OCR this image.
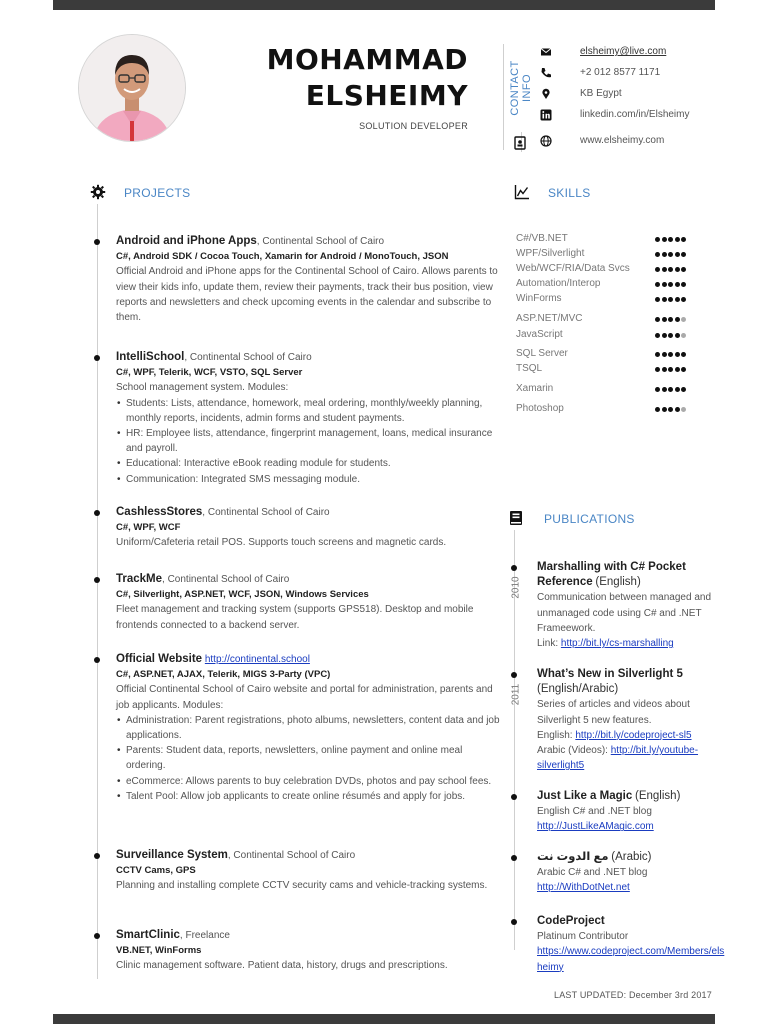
MOHAMMAD
ELSHEIMY
SOLUTION DEVELOPER
CONTACT INFO
elsheimy@live.com
+2 012 8577 1171
KB Egypt
linkedin.com/in/Elsheimy
www.elsheimy.com
PROJECTS
Android and iPhone Apps, Continental School of Cairo
C#, Android SDK / Cocoa Touch, Xamarin for Android / MonoTouch, JSON
Official Android and iPhone apps for the Continental School of Cairo. Allows parents to view their kids info, update them, review their payments, track their bus position, view reports and newsletters and check upcoming events in the calendar and subscribe to them.
IntelliSchool, Continental School of Cairo
C#, WPF, Telerik, WCF, VSTO, SQL Server
School management system. Modules:
• Students: Lists, attendance, homework, meal ordering, monthly/weekly planning, monthly reports, incidents, admin forms and student payments.
• HR: Employee lists, attendance, fingerprint management, loans, medical insurance and payroll.
• Educational: Interactive eBook reading module for students.
• Communication: Integrated SMS messaging module.
CashlessStores, Continental School of Cairo
C#, WPF, WCF
Uniform/Cafeteria retail POS. Supports touch screens and magnetic cards.
TrackMe, Continental School of Cairo
C#, Silverlight, ASP.NET, WCF, JSON, Windows Services
Fleet management and tracking system (supports GPS518). Desktop and mobile frontends connected to a backend server.
Official Website http://continental.school
C#, ASP.NET, AJAX, Telerik, MIGS 3-Party (VPC)
Official Continental School of Cairo website and portal for administration, parents and job applicants. Modules:
• Administration: Parent registrations, photo albums, newsletters, content data and job applications.
• Parents: Student data, reports, newsletters, online payment and online meal ordering.
• eCommerce: Allows parents to buy celebration DVDs, photos and pay school fees.
• Talent Pool: Allow job applicants to create online résumés and apply for jobs.
Surveillance System, Continental School of Cairo
CCTV Cams, GPS
Planning and installing complete CCTV security cams and vehicle-tracking systems.
SmartClinic, Freelance
VB.NET, WinForms
Clinic management software. Patient data, history, drugs and prescriptions.
SKILLS
C#/VB.NET
WPF/Silverlight
Web/WCF/RIA/Data Svcs
Automation/Interop
WinForms
ASP.NET/MVC
JavaScript
SQL Server
TSQL
Xamarin
Photoshop
PUBLICATIONS
2010
2011
Marshalling with C# Pocket Reference (English)
Communication between managed and unmanaged code using C# and .NET Frameework.
Link: http://bit.ly/cs-marshalling
What’s New in Silverlight 5
(English/Arabic)
Series of articles and videos about Silverlight 5 new features.
English: http://bit.ly/codeproject-sl5
Arabic (Videos): http://bit.ly/youtube-silverlight5
Just Like a Magic (English)
English C# and .NET blog
http://JustLikeAMagic.com
مع الدوت نت (Arabic)
Arabic C# and .NET blog
http://WithDotNet.net
CodeProject
Platinum Contributor
https://www.codeproject.com/Members/elsheimy
LAST UPDATED: December 3rd 2017
